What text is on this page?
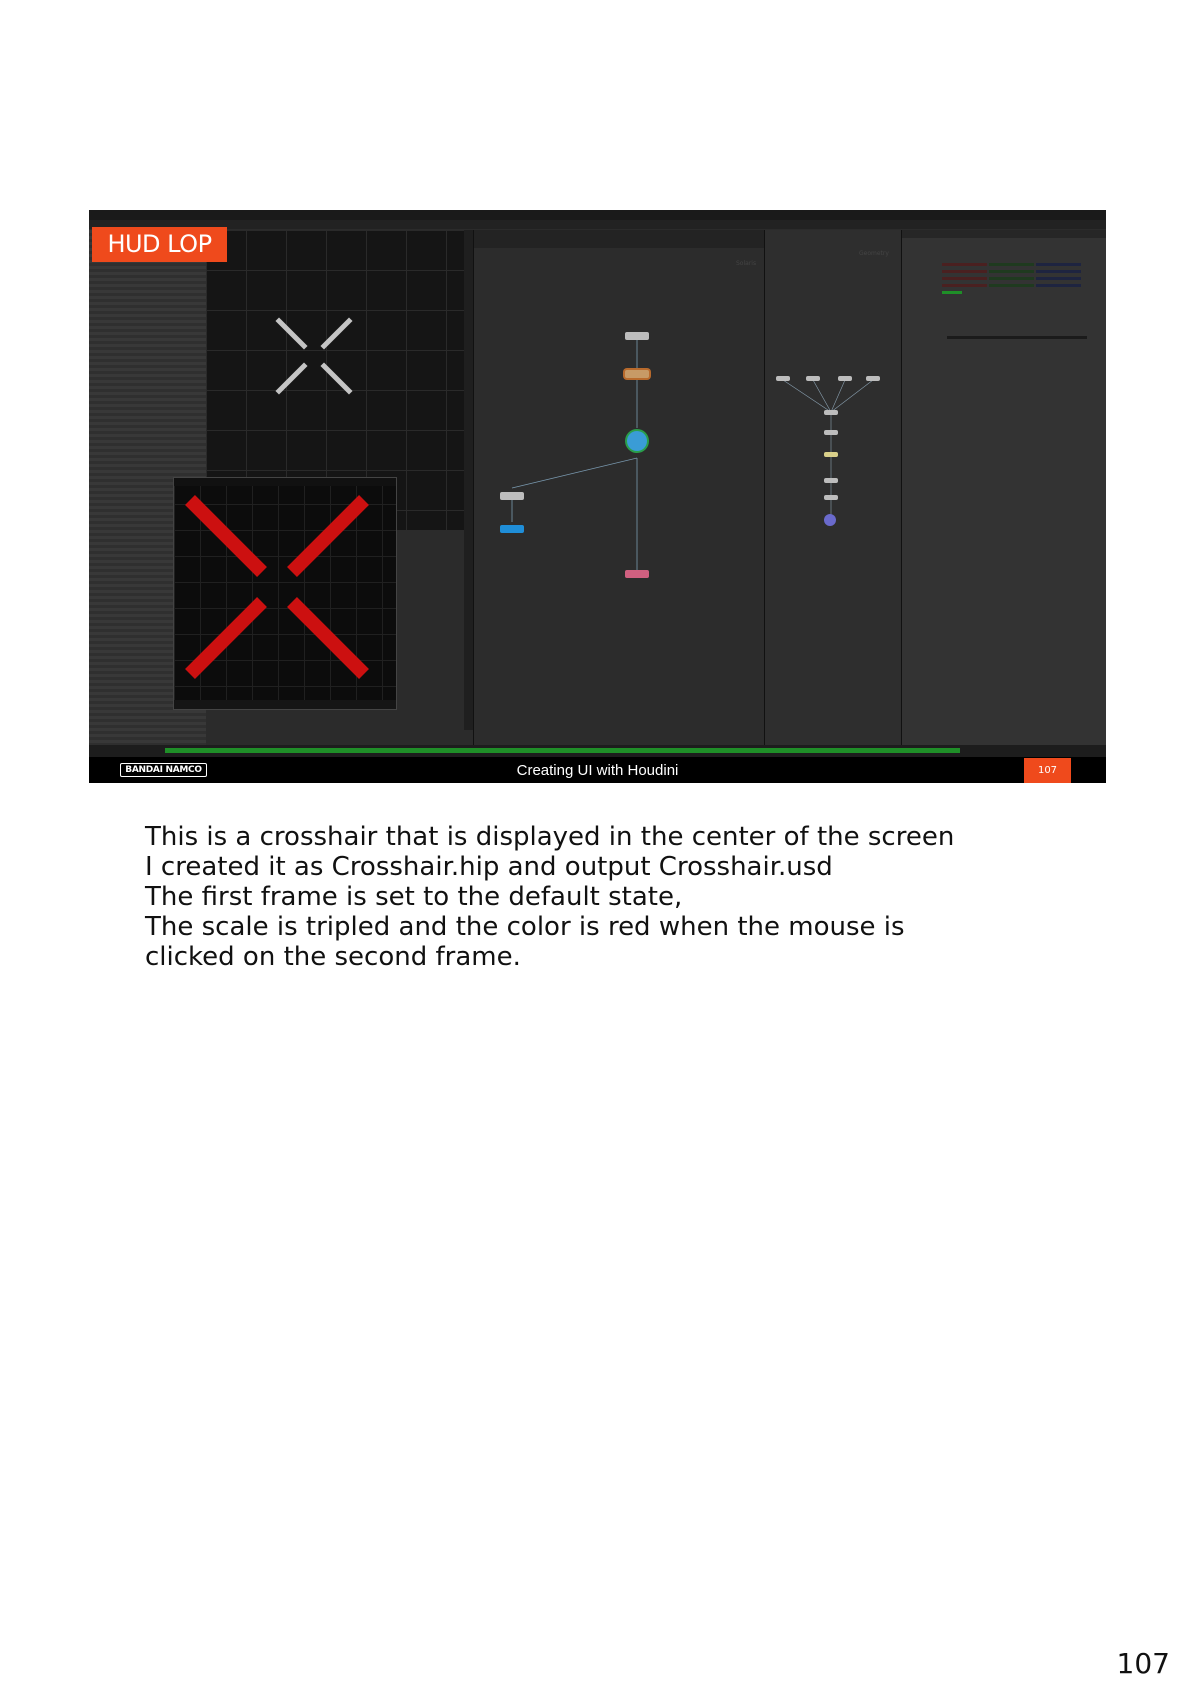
Solaris
Geometry
HUD LOP
BANDAI NAMCO	Creating UI with Houdini	107
This is a crosshair that is displayed in the center of the screen
I created it as Crosshair.hip and output Crosshair.usd
The first frame is set to the default state,
The scale is tripled and the color is red when the mouse is
clicked on the second frame.
107
